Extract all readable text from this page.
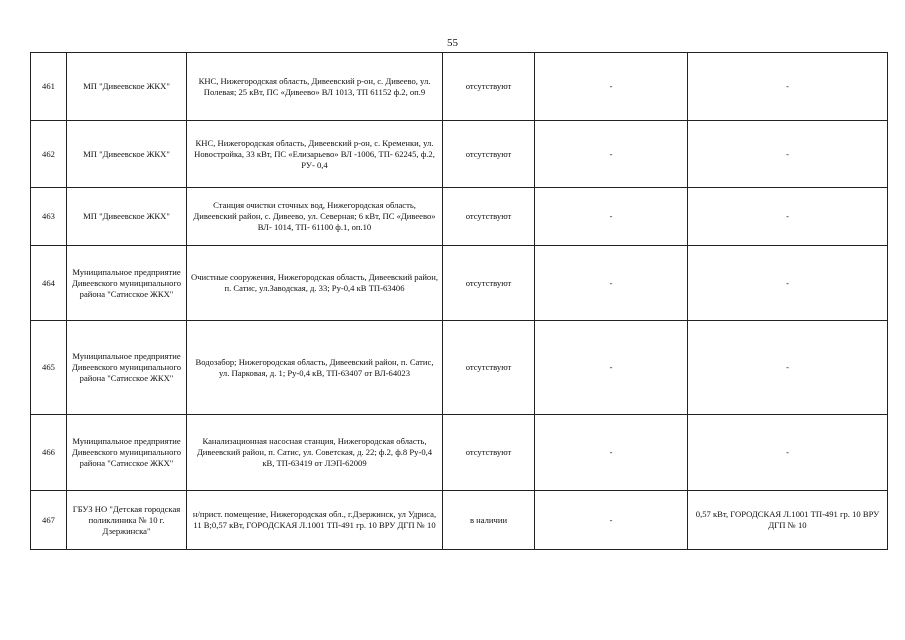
55
461	МП "Дивеевское ЖКХ"	КНС, Нижегородская область, Дивеевский р-он, с. Дивеево, ул. Полевая; 25 кВт, ПС «Дивеево» ВЛ 1013, ТП 61152 ф.2, оп.9	отсутствуют	-	-
462	МП "Дивеевское ЖКХ"	КНС, Нижегородская область, Дивеевский р-он, с. Кременки, ул. Новостройка, 33 кВт, ПС «Елизарьево» ВЛ -1006, ТП- 62245, ф.2, РУ- 0,4	отсутствуют	-	-
463	МП "Дивеевское ЖКХ"	Станция очистки сточных вод, Нижегородская область, Дивеевский район, с. Дивеево, ул. Северная; 6 кВт, ПС «Дивеево» ВЛ- 1014, ТП- 61100 ф.1, оп.10	отсутствуют	-	-
464	Муниципальное предприятие Дивеевского муниципального района "Сатисское ЖКХ"	Очистные сооружения, Нижегородская область, Дивеевский район, п. Сатис, ул.Заводская, д. 33; Ру-0,4 кВ ТП-63406	отсутствуют	-	-
465	Муниципальное предприятие Дивеевского муниципального района "Сатисское ЖКХ"	Водозабор; Нижегородская область, Дивеевский район, п. Сатис, ул. Парковая, д. 1; Ру-0,4 кВ, ТП-63407 от ВЛ-64023	отсутствуют	-	-
466	Муниципальное предприятие Дивеевского муниципального района "Сатисское ЖКХ"	Канализационная насосная станция, Нижегородская область, Дивеевский район, п. Сатис, ул. Советская, д. 22; ф.2, ф.8 Ру-0,4 кВ, ТП-63419 от ЛЭП-62009	отсутствуют	-	-
467	ГБУЗ НО "Детская городская поликлиника № 10 г. Дзержинска"	н/прист. помещение, Нижегородская обл., г.Дзержинск, ул Удриса, 11 В;0,57 кВт, ГОРОДСКАЯ Л.1001 ТП-491 гр. 10 ВРУ ДГП № 10	в наличии	-	0,57 кВт, ГОРОДСКАЯ Л.1001 ТП-491 гр. 10 ВРУ ДГП № 10
